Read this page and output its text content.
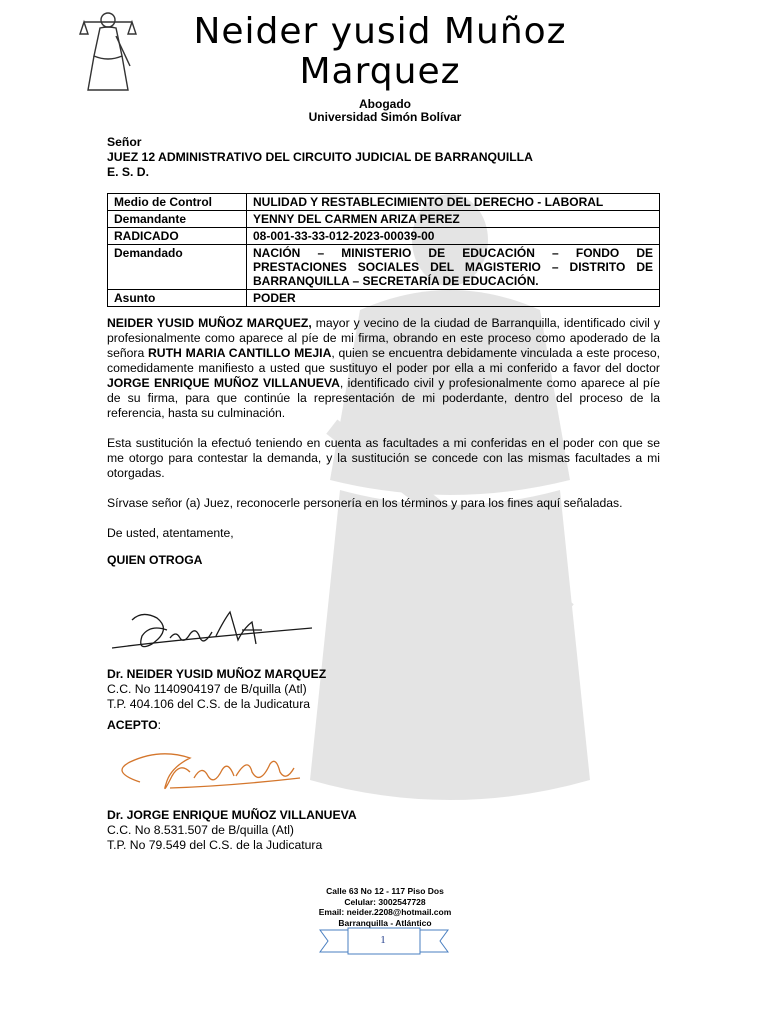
Neider yusid Muñoz Marquez
Abogado
Universidad Simón Bolívar
Señor
JUEZ 12 ADMINISTRATIVO DEL CIRCUITO JUDICIAL DE BARRANQUILLA
E. S. D.
Medio de Control	NULIDAD Y RESTABLECIMIENTO DEL DERECHO - LABORAL
Demandante	YENNY DEL CARMEN ARIZA PEREZ
RADICADO	08-001-33-33-012-2023-00039-00
Demandado	NACIÓN – MINISTERIO DE EDUCACIÓN – FONDO DE PRESTACIONES SOCIALES DEL MAGISTERIO – DISTRITO DE BARRANQUILLA – SECRETARÍA DE EDUCACIÓN.
Asunto	PODER

NEIDER YUSID MUÑOZ MARQUEZ, mayor y vecino de la ciudad de Barranquilla, identificado civil y profesionalmente como aparece al píe de mi firma, obrando en este proceso como apoderado de la señora RUTH MARIA CANTILLO MEJIA, quien se encuentra debidamente vinculada a este proceso, comedidamente manifiesto a usted que sustituyo el poder por ella a mi conferido a favor del doctor JORGE ENRIQUE MUÑOZ VILLANUEVA, identificado civil y profesionalmente como aparece al píe de su firma, para que continúe la representación de mi poderdante, dentro del proceso de la referencia, hasta su culminación.

Esta sustitución la efectuó teniendo en cuenta as facultades a mi conferidas en el poder con que se me otorgo para contestar la demanda, y la sustitución se concede con las mismas facultades a mi otorgadas.

Sírvase señor (a) Juez, reconocerle personería en los términos y para los fines aquí señaladas.

De usted, atentamente,

QUIEN OTROGA

Dr. NEIDER YUSID MUÑOZ MARQUEZ
C.C. No 1140904197 de B/quilla (Atl)
T.P. 404.106 del C.S. de la Judicatura
ACEPTO:
Dr. JORGE ENRIQUE MUÑOZ VILLANUEVA
C.C. No 8.531.507 de B/quilla (Atl)
T.P. No 79.549 del C.S. de la Judicatura
Calle 63 No 12 - 117 Piso Dos
Celular: 3002547728
Email: neider.2208@hotmail.com
Barranquilla - Atlántico
1
